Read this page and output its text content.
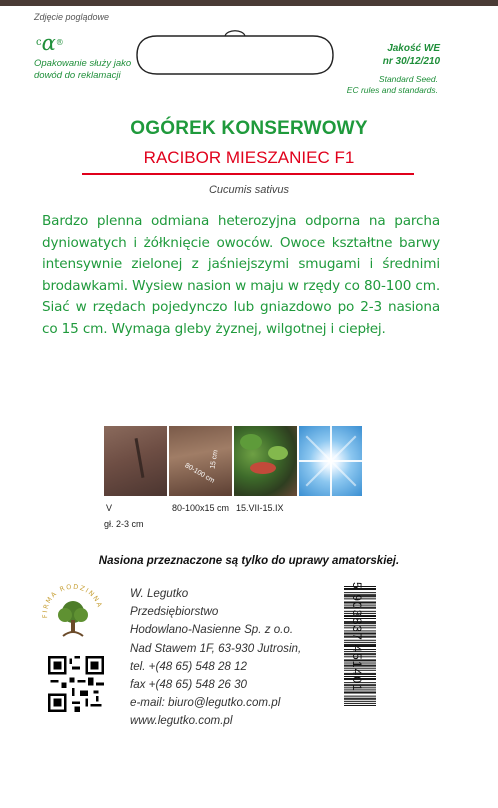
Zdjęcie poglądowe
$^c$α®
Opakowanie służy jako dowód do reklamacji
Jakość WE
nr 30/12/210
Standard Seed.
EC rules and standards.
OGÓREK KONSERWOWY
RACIBOR MIESZANIEC F1
Cucumis sativus
Bardzo plenna odmiana heterozyjna odporna na parcha dyniowatych i żółknięcie owoców. Owoce kształtne barwy intensywnie zielonej z jaśniejszymi smugami i średnimi brodawkami. Wysiew nasion w maju w rzędy co 80-100 cm. Siać w rzędach pojedynczo lub gniazdowo po 2-3 nasiona co 15 cm. Wymaga gleby żyznej, wilgotnej i ciepłej.
80-100 cm
15 cm
V
gł. 2-3 cm
80-100x15 cm 15.VII-15.IX
Nasiona przeznaczone są tylko do uprawy amatorskiej.
FIRMA RODZINNA
W. Legutko
Przedsiębiorstwo
Hodowlano-Nasienne Sp. z o.o.
Nad Stawem 1F, 63-930 Jutrosin,
tel. +(48 65) 548 28 12
fax +(48 65) 548 26 30
e-mail: biuro@legutko.com.pl
www.legutko.com.pl
5 903837 451401
